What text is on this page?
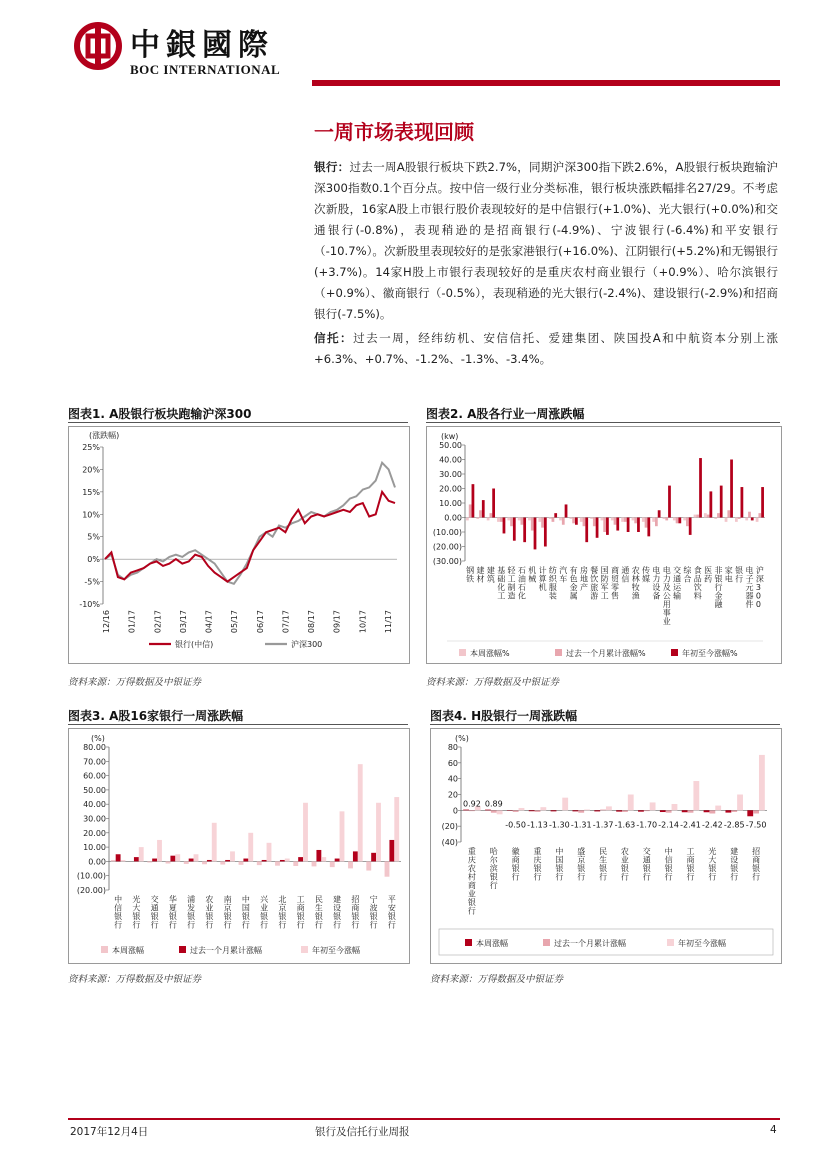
中銀國際
BOC INTERNATIONAL
一周市场表现回顾
银行：过去一周A股银行板块下跌2.7%，同期沪深300指下跌2.6%，A股银行板块跑输沪深300指数0.1个百分点。按中信一级行业分类标准，银行板块涨跌幅排名27/29。不考虑次新股，16家A股上市银行股价表现较好的是中信银行(+1.0%)、光大银行(+0.0%)和交通银行(-0.8%)，表现稍逊的是招商银行(-4.9%)、宁波银行(-6.4%)和平安银行（-10.7%）。次新股里表现较好的是张家港银行(+16.0%)、江阴银行(+5.2%)和无锡银行(+3.7%)。14家H股上市银行表现较好的是重庆农村商业银行（+0.9%）、哈尔滨银行（+0.9%）、徽商银行（-0.5%），表现稍逊的光大银行(-2.4%)、建设银行(-2.9%)和招商银行(-7.5%)。
信托：过去一周，经纬纺机、安信信托、爱建集团、陕国投A和中航资本分别上涨+6.3%、+0.7%、-1.2%、-1.3%、-3.4%。
图表1. A股银行板块跑输沪深300
(涨跌幅)
-10%
-5%
0%
5%
10%
15%
20%
25%
12/16 01/17 02/17 03/17 04/17 05/17 06/17 07/17 08/17 09/17 10/17 11/17
银行(中信)	沪深300
资料来源：万得数据及中银证券
图表2. A股各行业一周涨跌幅
(kw)
(30.00)
(20.00)
(10.00)
0.00
10.00
20.00
30.00
40.00
50.00
钢铁
建材
建筑
基础化工
轻工制造
石油石化
机械
计算机
纺织服装
汽车
有色金属
房地产
餐饮旅游
国防军工
商贸零售
通信
农林牧渔
传媒
电力设备
电力及公用事业
交通运输
综合
食品饮料
医药
非银行金融
家电
银行
电子元器件
沪深 3 0 0
本周涨幅%	过去一个月累计涨幅%	年初至今涨幅%
资料来源：万得数据及中银证券
图表3. A股16家银行一周涨跌幅
(%)
(20.00)
(10.00)
0.00
10.00
20.00
30.00
40.00
50.00
60.00
70.00
80.00
中信银行
光大银行
交通银行
华夏银行
浦发银行
农业银行
南京银行
中国银行
兴业银行
北京银行
工商银行
民生银行
建设银行
招商银行
宁波银行
平安银行
本周涨幅	过去一个月累计涨幅	年初至今涨幅
资料来源：万得数据及中银证券
图表4. H股银行一周涨跌幅
(%)
(40)
(20)
0
20
40
60
80
重庆农村商业银行
哈尔滨银行
徽商银行
重庆银行
中国银行
盛京银行
民生银行
农业银行
交通银行
中信银行
工商银行
光大银行
建设银行
招商银行
0.92 0.89
-0.50 -1.13 -1.30 -1.31 -1.37 -1.63 -1.70 -2.14 -2.41 -2.42 -2.85 -7.50
本周涨幅	过去一个月累计涨幅	年初至今涨幅
资料来源：万得数据及中银证券
2017年12月4日	银行及信托行业周报	4
